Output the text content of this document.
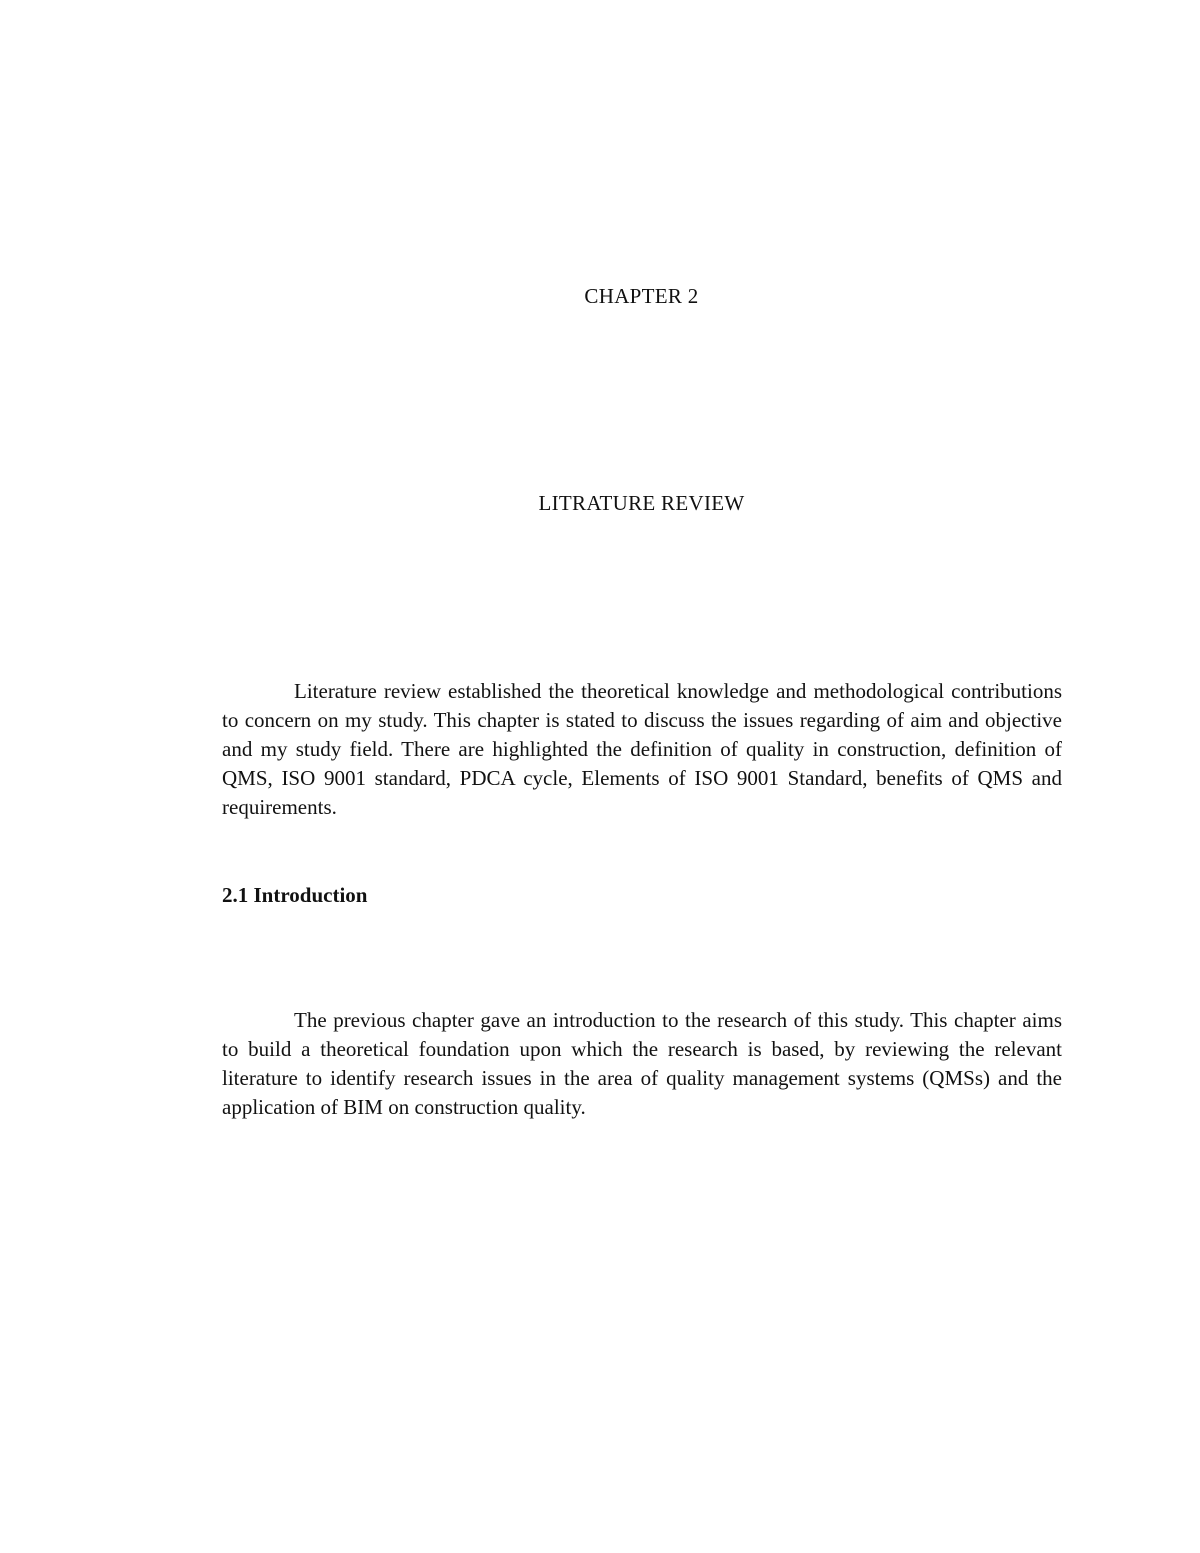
CHAPTER 2
LITRATURE REVIEW

Literature review established the theoretical knowledge and methodological contributions to concern on my study. This chapter is stated to discuss the issues regarding of aim and objective and my study field. There are highlighted the definition of quality in construction, definition of QMS, ISO 9001 standard, PDCA cycle, Elements of ISO 9001 Standard, benefits of QMS and requirements.

2.1 Introduction

The previous chapter gave an introduction to the research of this study. This chapter aims to build a theoretical foundation upon which the research is based, by reviewing the relevant literature to identify research issues in the area of quality management systems (QMSs) and the application of BIM on construction quality.
